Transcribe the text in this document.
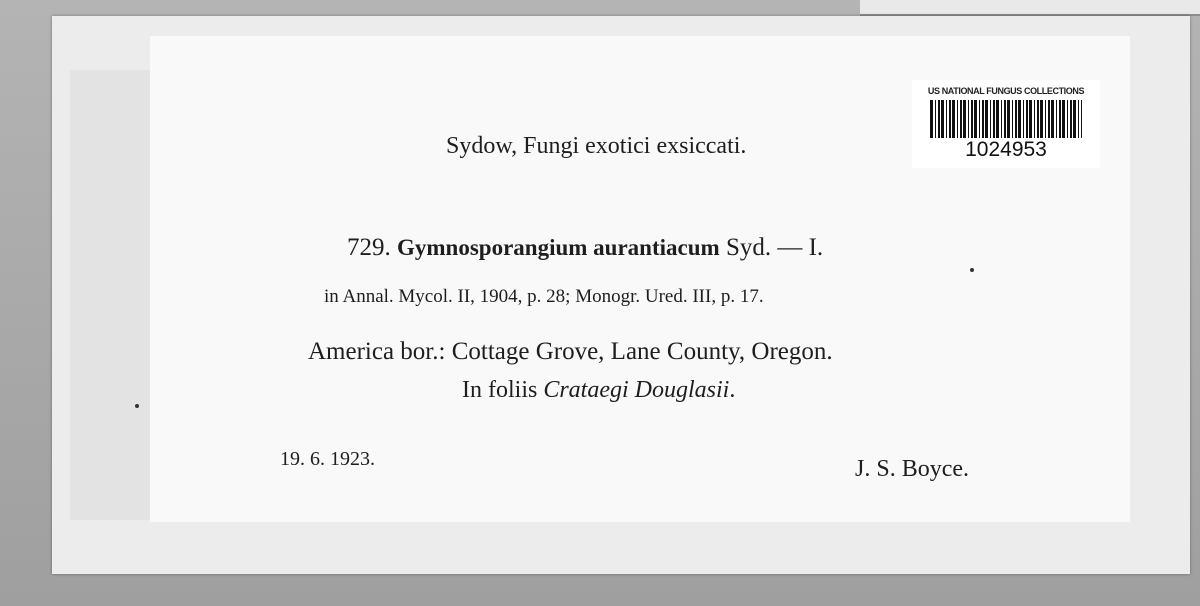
US NATIONAL FUNGUS COLLECTIONS
1024953
Sydow, Fungi exotici exsiccati.
729. Gymnosporangium aurantiacum Syd. — I.
in Annal. Mycol. II, 1904, p. 28; Monogr. Ured. III, p. 17.
America bor.: Cottage Grove, Lane County, Oregon.
In foliis Crataegi Douglasii.
19. 6. 1923.	J. S. Boyce.
